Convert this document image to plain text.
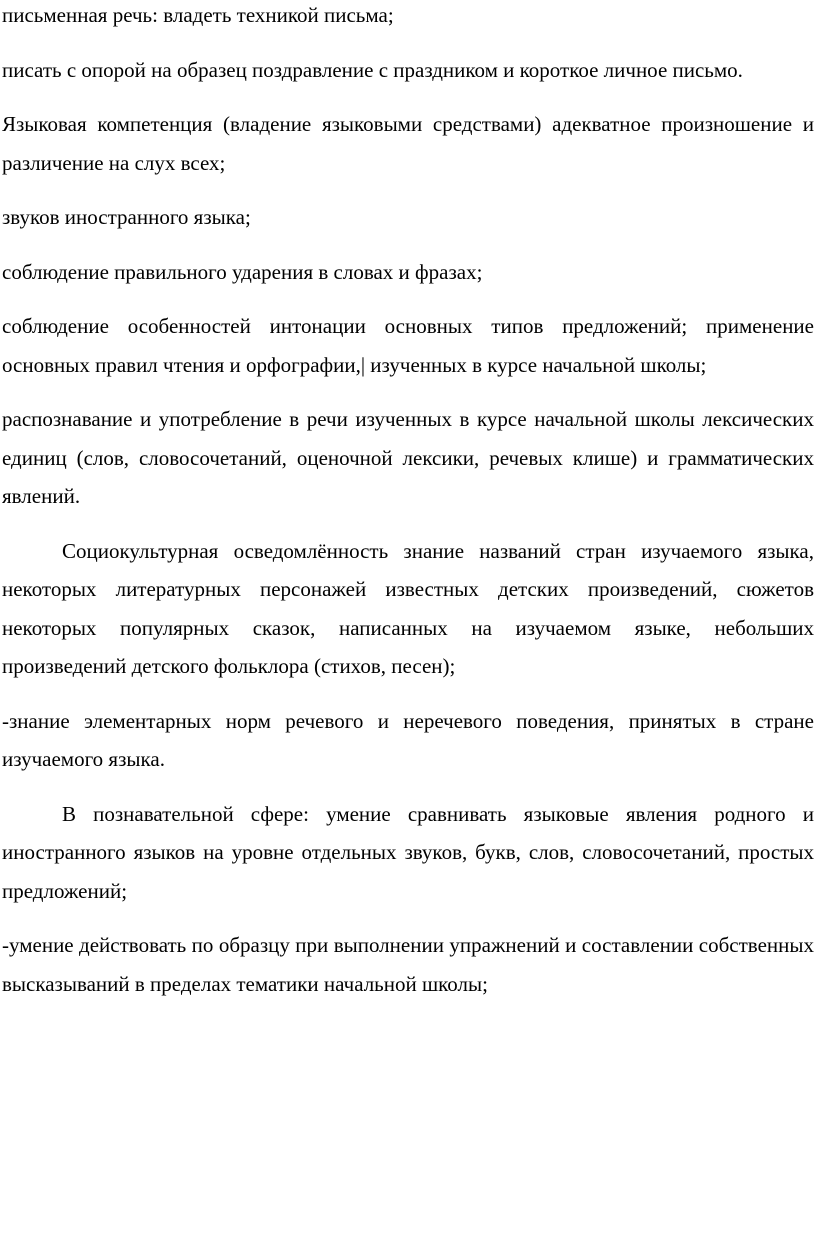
письменная речь: владеть техникой письма;

писать с опорой на образец поздравление с праздником и короткое личное письмо.

Языковая компетенция (владение языковыми средствами) адекватное произношение и различение на слух всех;

звуков иностранного языка;

соблюдение правильного ударения в словах и фразах;

соблюдение особенностей интонации основных типов предложений; применение основных правил чтения и орфографии,| изученных в курсе начальной школы;

распознавание и употребление в речи изученных в курсе начальной школы лексических единиц (слов, словосочетаний, оценочной лексики, речевых клише) и грамматических явлений.

Социокультурная осведомлённость знание названий стран изучаемого языка, некоторых литературных персонажей известных детских произведений, сюжетов некоторых популярных сказок, написанных на изучаемом языке, небольших произведений детского фольклора (стихов, песен);

-знание элементарных норм речевого и неречевого поведения, принятых в стране изучаемого языка.

В познавательной сфере: умение сравнивать языковые явления родного и иностранного языков на уровне отдельных звуков, букв, слов, словосочетаний, простых предложений;

-умение действовать по образцу при выполнении упражнений и составлении собственных высказываний в пределах тематики начальной школы;
